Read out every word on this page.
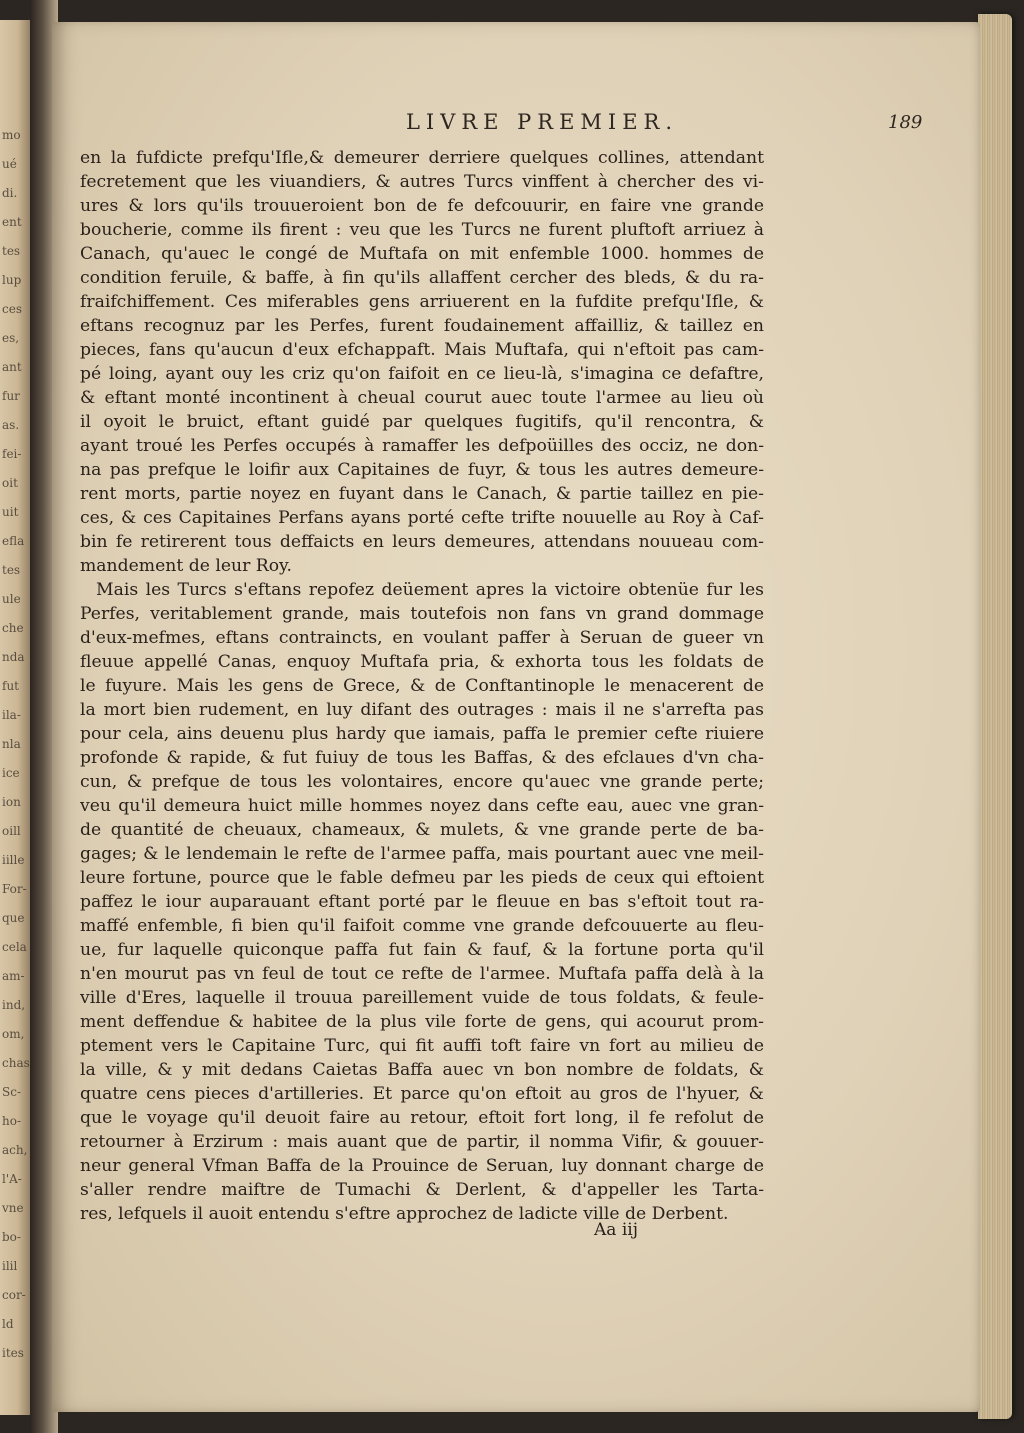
mo
ué
di.
ent
tes
lup
ces
es,
ant
fur
as.
fei-
oit
uit
efla
tes
ule
che
nda
fut
ila-
nla
ice
ion
oill
iille
For-
que
cela
am-
ind,
om,
chas
Sc-
ho-
ach,
l'A-
vne
bo-
ilil
cor-
ld
ites
LIVRE PREMIER.	189
en la fufdicte prefqu'Ifle,& demeurer derriere quelques collines, attendant
fecretement que les viuandiers, & autres Turcs vinffent à chercher des vi-
ures & lors qu'ils trouueroient bon de fe defcouurir, en faire vne grande
boucherie, comme ils firent : veu que les Turcs ne furent pluftoft arriuez à
Canach, qu'auec le congé de Muftafa on mit enfemble 1000. hommes de
condition feruile, & baffe, à fin qu'ils allaffent cercher des bleds, & du ra-
fraifchiffement. Ces miferables gens arriuerent en la fufdite prefqu'Ifle, &
eftans recognuz par les Perfes, furent foudainement affailliz, & taillez en
pieces, fans qu'aucun d'eux efchappaft. Mais Muftafa, qui n'eftoit pas cam-
pé loing, ayant ouy les criz qu'on faifoit en ce lieu-là, s'imagina ce defaftre,
& eftant monté incontinent à cheual courut auec toute l'armee au lieu où
il oyoit le bruict, eftant guidé par quelques fugitifs, qu'il rencontra, &
ayant troué les Perfes occupés à ramaffer les defpoüilles des occiz, ne don-
na pas prefque le loifir aux Capitaines de fuyr, & tous les autres demeure-
rent morts, partie noyez en fuyant dans le Canach, & partie taillez en pie-
ces, & ces Capitaines Perfans ayans porté cefte trifte nouuelle au Roy à Caf-
bin fe retirerent tous deffaicts en leurs demeures, attendans nouueau com-
mandement de leur Roy.
Mais les Turcs s'eftans repofez deüement apres la victoire obtenüe fur les
Perfes, veritablement grande, mais toutefois non fans vn grand dommage
d'eux-mefmes, eftans contraincts, en voulant paffer à Seruan de gueer vn
fleuue appellé Canas, enquoy Muftafa pria, & exhorta tous les foldats de
le fuyure. Mais les gens de Grece, & de Conftantinople le menacerent de
la mort bien rudement, en luy difant des outrages : mais il ne s'arrefta pas
pour cela, ains deuenu plus hardy que iamais, paffa le premier cefte riuiere
profonde & rapide, & fut fuiuy de tous les Baffas, & des efclaues d'vn cha-
cun, & prefque de tous les volontaires, encore qu'auec vne grande perte;
veu qu'il demeura huict mille hommes noyez dans cefte eau, auec vne gran-
de quantité de cheuaux, chameaux, & mulets, & vne grande perte de ba-
gages; & le lendemain le refte de l'armee paffa, mais pourtant auec vne meil-
leure fortune, pource que le fable defmeu par les pieds de ceux qui eftoient
paffez le iour auparauant eftant porté par le fleuue en bas s'eftoit tout ra-
maffé enfemble, fi bien qu'il faifoit comme vne grande defcouuerte au fleu-
ue, fur laquelle quiconque paffa fut fain & fauf, & la fortune porta qu'il
n'en mourut pas vn feul de tout ce refte de l'armee. Muftafa paffa delà à la
ville d'Eres, laquelle il trouua pareillement vuide de tous foldats, & feule-
ment deffendue & habitee de la plus vile forte de gens, qui acourut prom-
ptement vers le Capitaine Turc, qui fit auffi toft faire vn fort au milieu de
la ville, & y mit dedans Caietas Baffa auec vn bon nombre de foldats, &
quatre cens pieces d'artilleries. Et parce qu'on eftoit au gros de l'hyuer, &
que le voyage qu'il deuoit faire au retour, eftoit fort long, il fe refolut de
retourner à Erzirum : mais auant que de partir, il nomma Vifir, & gouuer-
neur general Vfman Baffa de la Prouince de Seruan, luy donnant charge de
s'aller rendre maiftre de Tumachi & Derlent, & d'appeller les Tarta-
res, lefquels il auoit entendu s'eftre approchez de ladicte ville de Derbent.
Aa iij
